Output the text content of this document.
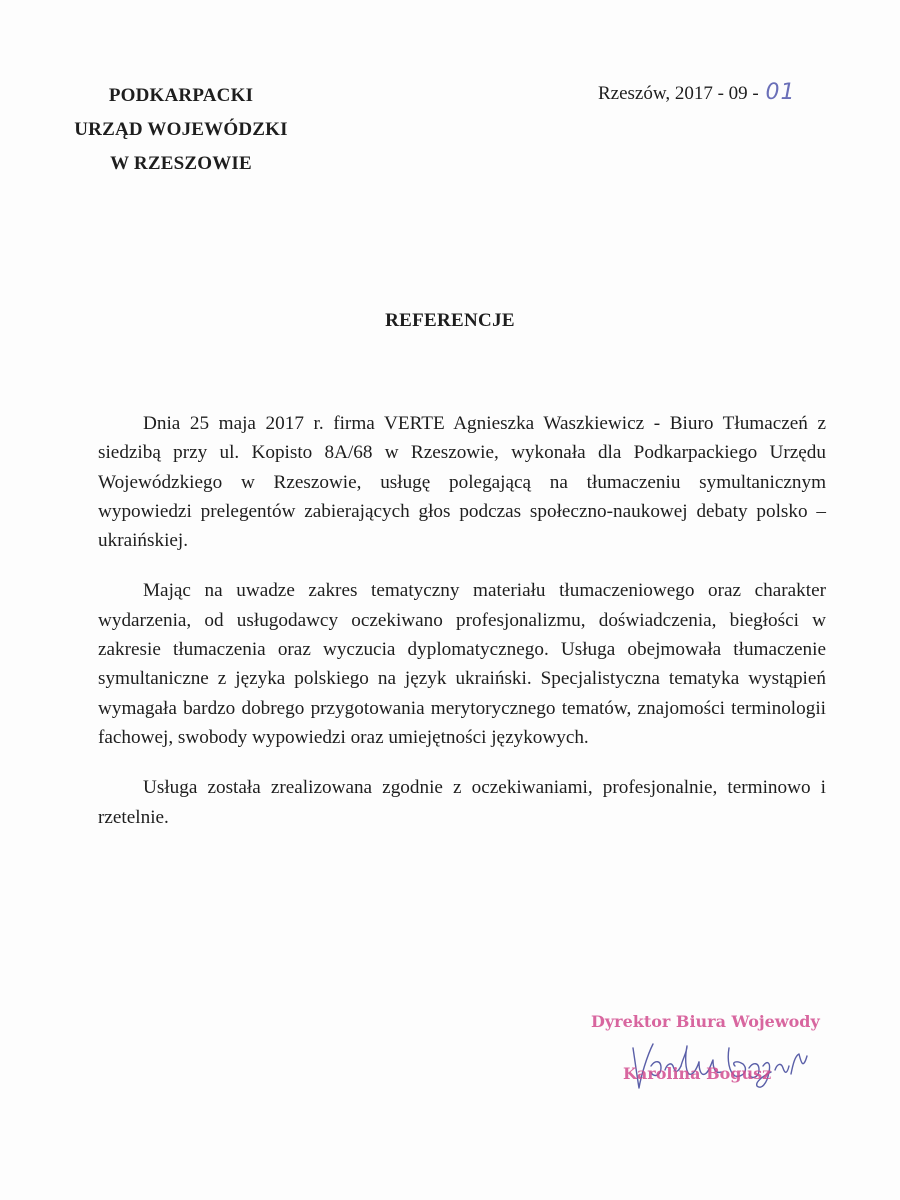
PODKARPACKI
URZĄD WOJEWÓDZKI
W RZESZOWIE
Rzeszów, 2017 - 09 - 01
REFERENCJE

Dnia 25 maja 2017 r. firma VERTE Agnieszka Waszkiewicz - Biuro Tłumaczeń z siedzibą przy ul. Kopisto 8A/68 w Rzeszowie, wykonała dla Podkarpackiego Urzędu Wojewódzkiego w Rzeszowie, usługę polegającą na tłumaczeniu symultanicznym wypowiedzi prelegentów zabierających głos podczas społeczno-naukowej debaty polsko – ukraińskiej.

Mając na uwadze zakres tematyczny materiału tłumaczeniowego oraz charakter wydarzenia, od usługodawcy oczekiwano profesjonalizmu, doświadczenia, biegłości w zakresie tłumaczenia oraz wyczucia dyplomatycznego. Usługa obejmowała tłumaczenie symultaniczne z języka polskiego na język ukraiński. Specjalistyczna tematyka wystąpień wymagała bardzo dobrego przygotowania merytorycznego tematów, znajomości terminologii fachowej, swobody wypowiedzi oraz umiejętności językowych.

Usługa została zrealizowana zgodnie z oczekiwaniami, profesjonalnie, terminowo i rzetelnie.

Dyrektor Biura Wojewody
Karolina Bogusz
